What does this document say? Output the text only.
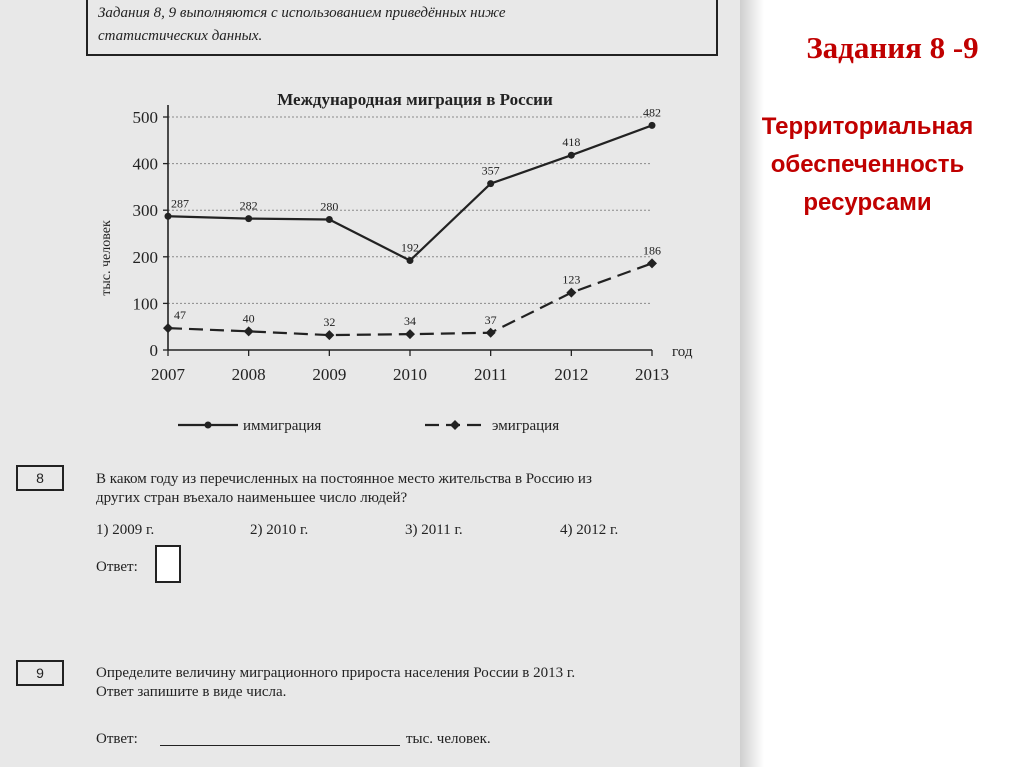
Задания 8, 9 выполняются с использованием приведённых ниже
статистических данных.
Международная миграция в России
тыс. человек
год
0
100
200
300
400
500
2007	2008	2009	2010	2011	2012	2013
287	282	280
192
357
418
482
47	40	32	34	37
123
186
иммиграция	эмиграция
8	В каком году из перечисленных на постоянное место жительства в Россию из
других стран въехало наименьшее число людей?
1) 2009 г.	2) 2010 г.	3) 2011 г.	4) 2012 г.
Ответ:
9	Определите величину миграционного прироста населения России в 2013 г.
Ответ запишите в виде числа.
Ответ:	тыс. человек.
Задания 8 -9
Территориальная
обеспеченность
ресурсами
